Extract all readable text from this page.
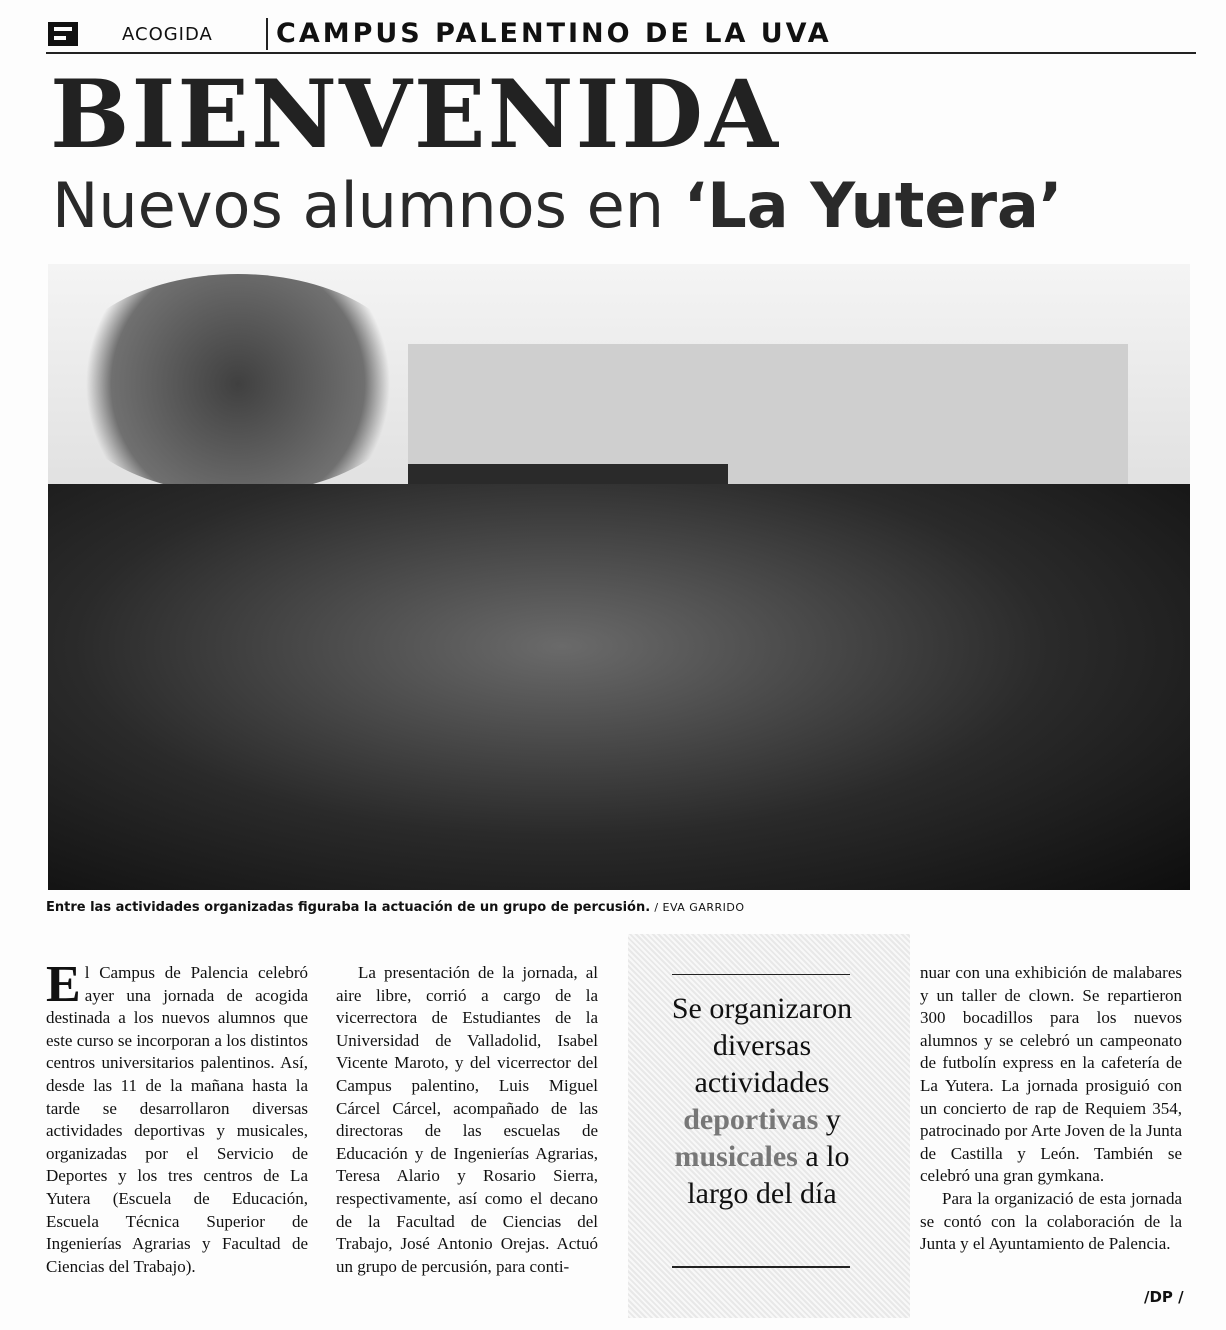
ACOGIDA CAMPUS PALENTINO DE LA UVA
BIENVENIDA
Nuevos alumnos en ‘La Yutera’
Entre las actividades organizadas figuraba la actuación de un grupo de percusión. / EVA GARRIDO

El Campus de Palencia celebró ayer una jornada de acogida destinada a los nuevos alumnos que este curso se incorporan a los distintos centros universitarios palentinos. Así, desde las 11 de la mañana hasta la tarde se desarrollaron diversas actividades deportivas y musicales, organizadas por el Servicio de Deportes y los tres centros de La Yutera (Escuela de Educación, Escuela Técnica Superior de Ingenierías Agrarias y Facultad de Ciencias del Trabajo).

La presentación de la jornada, al aire libre, corrió a cargo de la vicerrectora de Estudiantes de la Universidad de Valladolid, Isabel Vicente Maroto, y del vicerrector del Campus palentino, Luis Miguel Cárcel Cárcel, acompañado de las directoras de las escuelas de Educación y de Ingenierías Agrarias, Teresa Alario y Rosario Sierra, respectivamente, así como el decano de la Facultad de Ciencias del Trabajo, José Antonio Orejas. Actuó un grupo de percusión, para conti-

Se organizaron diversas actividades deportivas y musicales a lo largo del día

nuar con una exhibición de malabares y un taller de clown. Se repartieron 300 bocadillos para los nuevos alumnos y se celebró un campeonato de futbolín express en la cafetería de La Yutera. La jornada prosiguió con un concierto de rap de Requiem 354, patrocinado por Arte Joven de la Junta de Castilla y León. También se celebró una gran gymkana.

Para la organizació de esta jornada se contó con la colaboración de la Junta y el Ayuntamiento de Palencia.

/DP /
